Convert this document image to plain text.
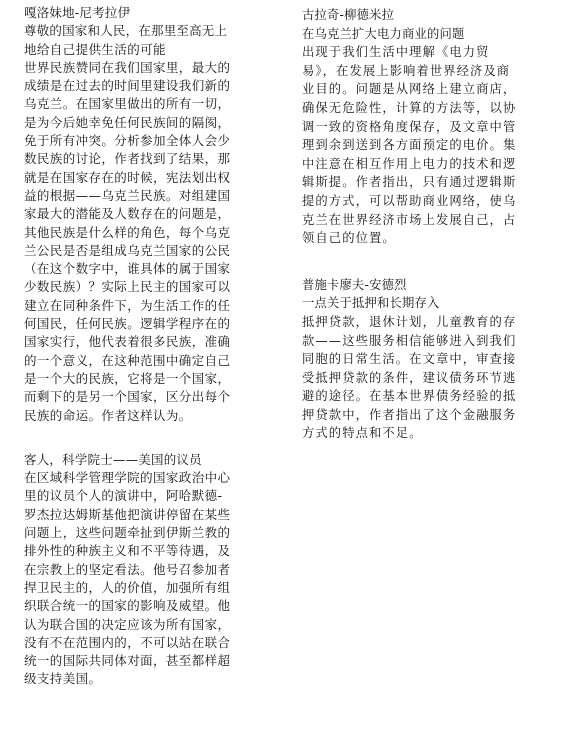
嘎洛妹地-尼考拉伊
尊敬的国家和人民，在那里至高无上
地给自己提供生活的可能
世界民族赞同在我们国家里，最大的
成绩是在过去的时间里建设我们新的
乌克兰。在国家里做出的所有一切，
是为今后她幸免任何民族间的隔阂，
免于所有冲突。分析参加全体人会少
数民族的讨论，作者找到了结果，那
就是在国家存在的时候，宪法划出权
益的根据——乌克兰民族。对组建国
家最大的潜能及人数存在的问题是，
其他民族是什么样的角色，每个乌克
兰公民是否是组成乌克兰国家的公民
（在这个数字中，谁具体的属于国家
少数民族）？实际上民主的国家可以
建立在同种条件下，为生活工作的任
何国民，任何民族。逻辑学程序在的
国家实行，他代表着很多民族，准确
的一个意义，在这种范围中确定自己
是一个大的民族，它将是一个国家，
而剩下的是另一个国家，区分出每个
民族的命运。作者这样认为。
客人，科学院士——美国的议员
在区域科学管理学院的国家政治中心
里的议员个人的演讲中，阿哈默德-
罗杰拉达姆斯基他把演讲停留在某些
问题上，这些问题牵扯到伊斯兰教的
排外性的种族主义和不平等待遇，及
在宗教上的坚定看法。他号召参加者
捍卫民主的，人的价值，加强所有组
织联合统一的国家的影响及威望。他
认为联合国的决定应该为所有国家，
没有不在范围内的，不可以站在联合
统一的国际共同体对面，甚至都样超
级支持美国。
古拉奇-柳德米拉
在乌克兰扩大电力商业的问题
出现于我们生活中理解《电力贸
易》，在发展上影响着世界经济及商
业目的。问题是从网络上建立商店，
确保无危险性，计算的方法等，以协
调一致的资格角度保存，及文章中管
理到余到送到各方面预定的电价。集
中注意在相互作用上电力的技术和逻
辑斯提。作者指出，只有通过逻辑斯
提的方式，可以帮助商业网络，使乌
克兰在世界经济市场上发展自己，占
领自己的位置。
普施卡廖夫-安德烈
一点关于抵押和长期存入
抵押贷款，退休计划，儿童教育的存
款——这些服务相信能够进入到我们
同胞的日常生活。在文章中，审查接
受抵押贷款的条件，建议债务环节逃
避的途径。在基本世界债务经验的抵
押贷款中，作者指出了这个金融服务
方式的特点和不足。
